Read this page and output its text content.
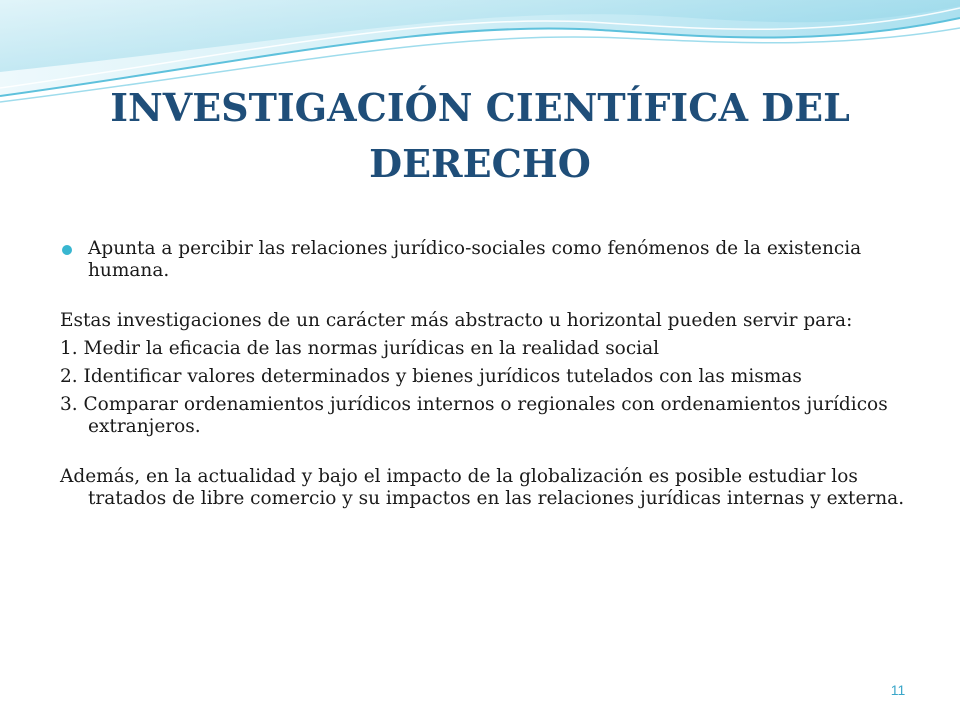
INVESTIGACIÓN CIENTÍFICA DEL DERECHO

Apunta a percibir las relaciones jurídico-sociales como fenómenos de la existencia humana.

Estas investigaciones de un carácter más abstracto u horizontal pueden servir para:

1. Medir la eficacia de las normas jurídicas en la realidad social

2. Identificar valores determinados y bienes jurídicos tutelados con las mismas

3. Comparar ordenamientos jurídicos internos o regionales con ordenamientos jurídicos extranjeros.

Además, en la actualidad y bajo el impacto de la globalización es posible estudiar los tratados de libre comercio y su impactos en las relaciones jurídicas internas y externa.

11
